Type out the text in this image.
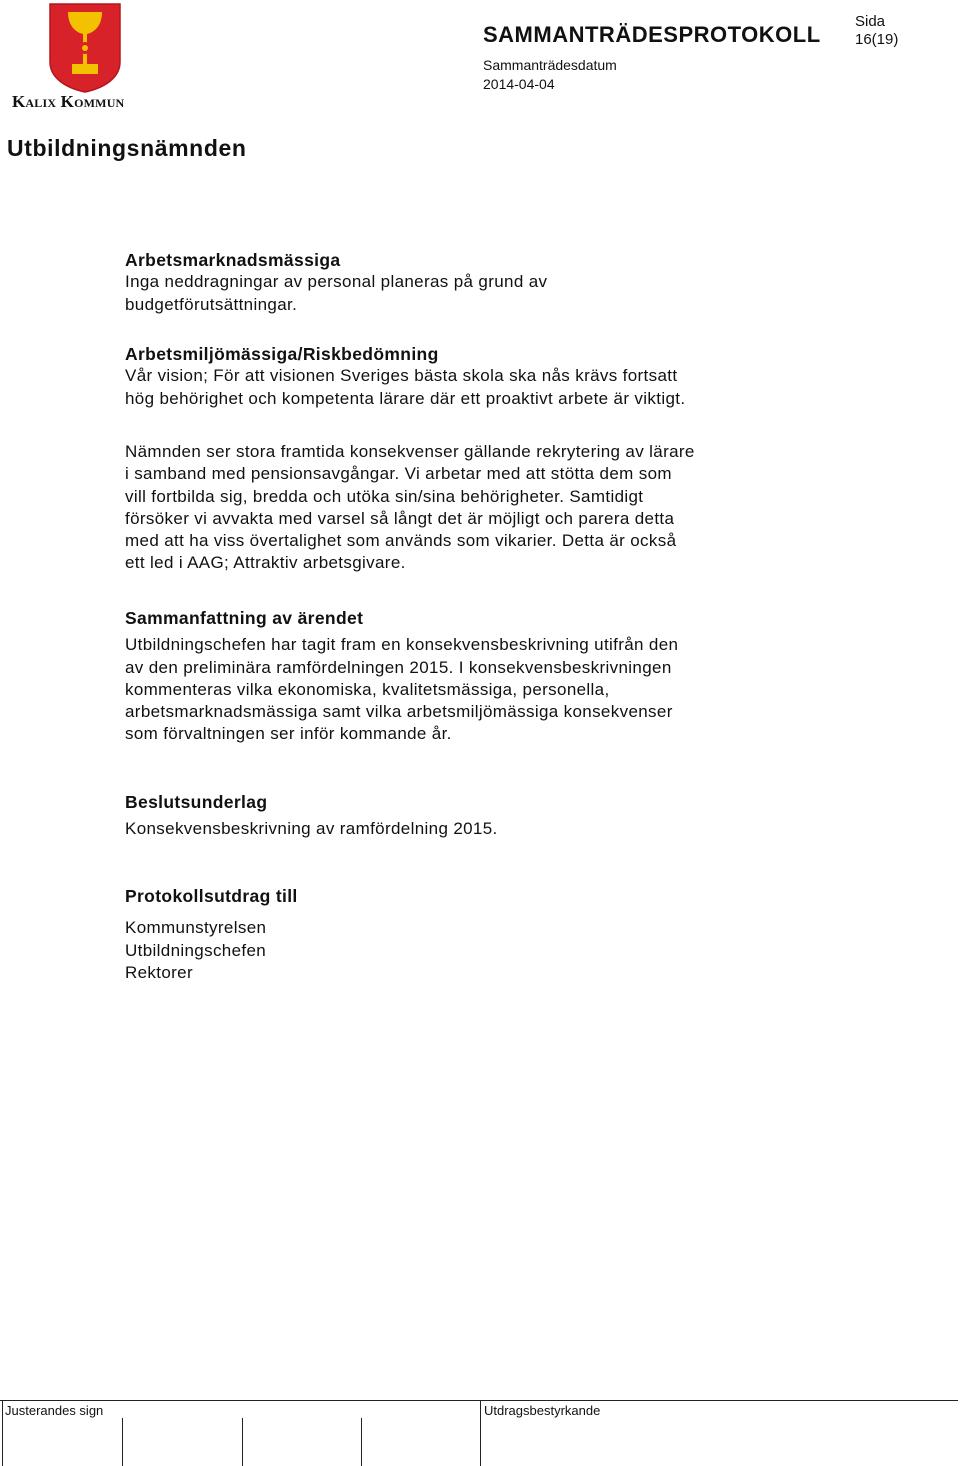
Kalix Kommun
SAMMANTRÄDESPROTOKOLL
Sida
16(19)
Sammanträdesdatum
2014-04-04
Utbildningsnämnden

Arbetsmarknadsmässiga

Inga neddragningar av personal planeras på grund av

budgetförutsättningar.

Arbetsmiljömässiga/Riskbedömning

Vår vision; För att visionen Sveriges bästa skola ska nås krävs fortsatt

hög behörighet och kompetenta lärare där ett proaktivt arbete är viktigt.

Nämnden ser stora framtida konsekvenser gällande rekrytering av lärare

i samband med pensionsavgångar. Vi arbetar med att stötta dem som

vill fortbilda sig, bredda och utöka sin/sina behörigheter. Samtidigt

försöker vi avvakta med varsel så långt det är möjligt och parera detta

med att ha viss övertalighet som används som vikarier. Detta är också

ett led i AAG; Attraktiv arbetsgivare.

Sammanfattning av ärendet

Utbildningschefen har tagit fram en konsekvensbeskrivning utifrån den

av den preliminära ramfördelningen 2015. I konsekvensbeskrivningen

kommenteras vilka ekonomiska, kvalitetsmässiga, personella,

arbetsmarknadsmässiga samt vilka arbetsmiljömässiga konsekvenser

som förvaltningen ser inför kommande år.

Beslutsunderlag

Konsekvensbeskrivning av ramfördelning 2015.

Protokollsutdrag till

Kommunstyrelsen

Utbildningschefen

Rektorer

Justerandes sign	Utdragsbestyrkande
